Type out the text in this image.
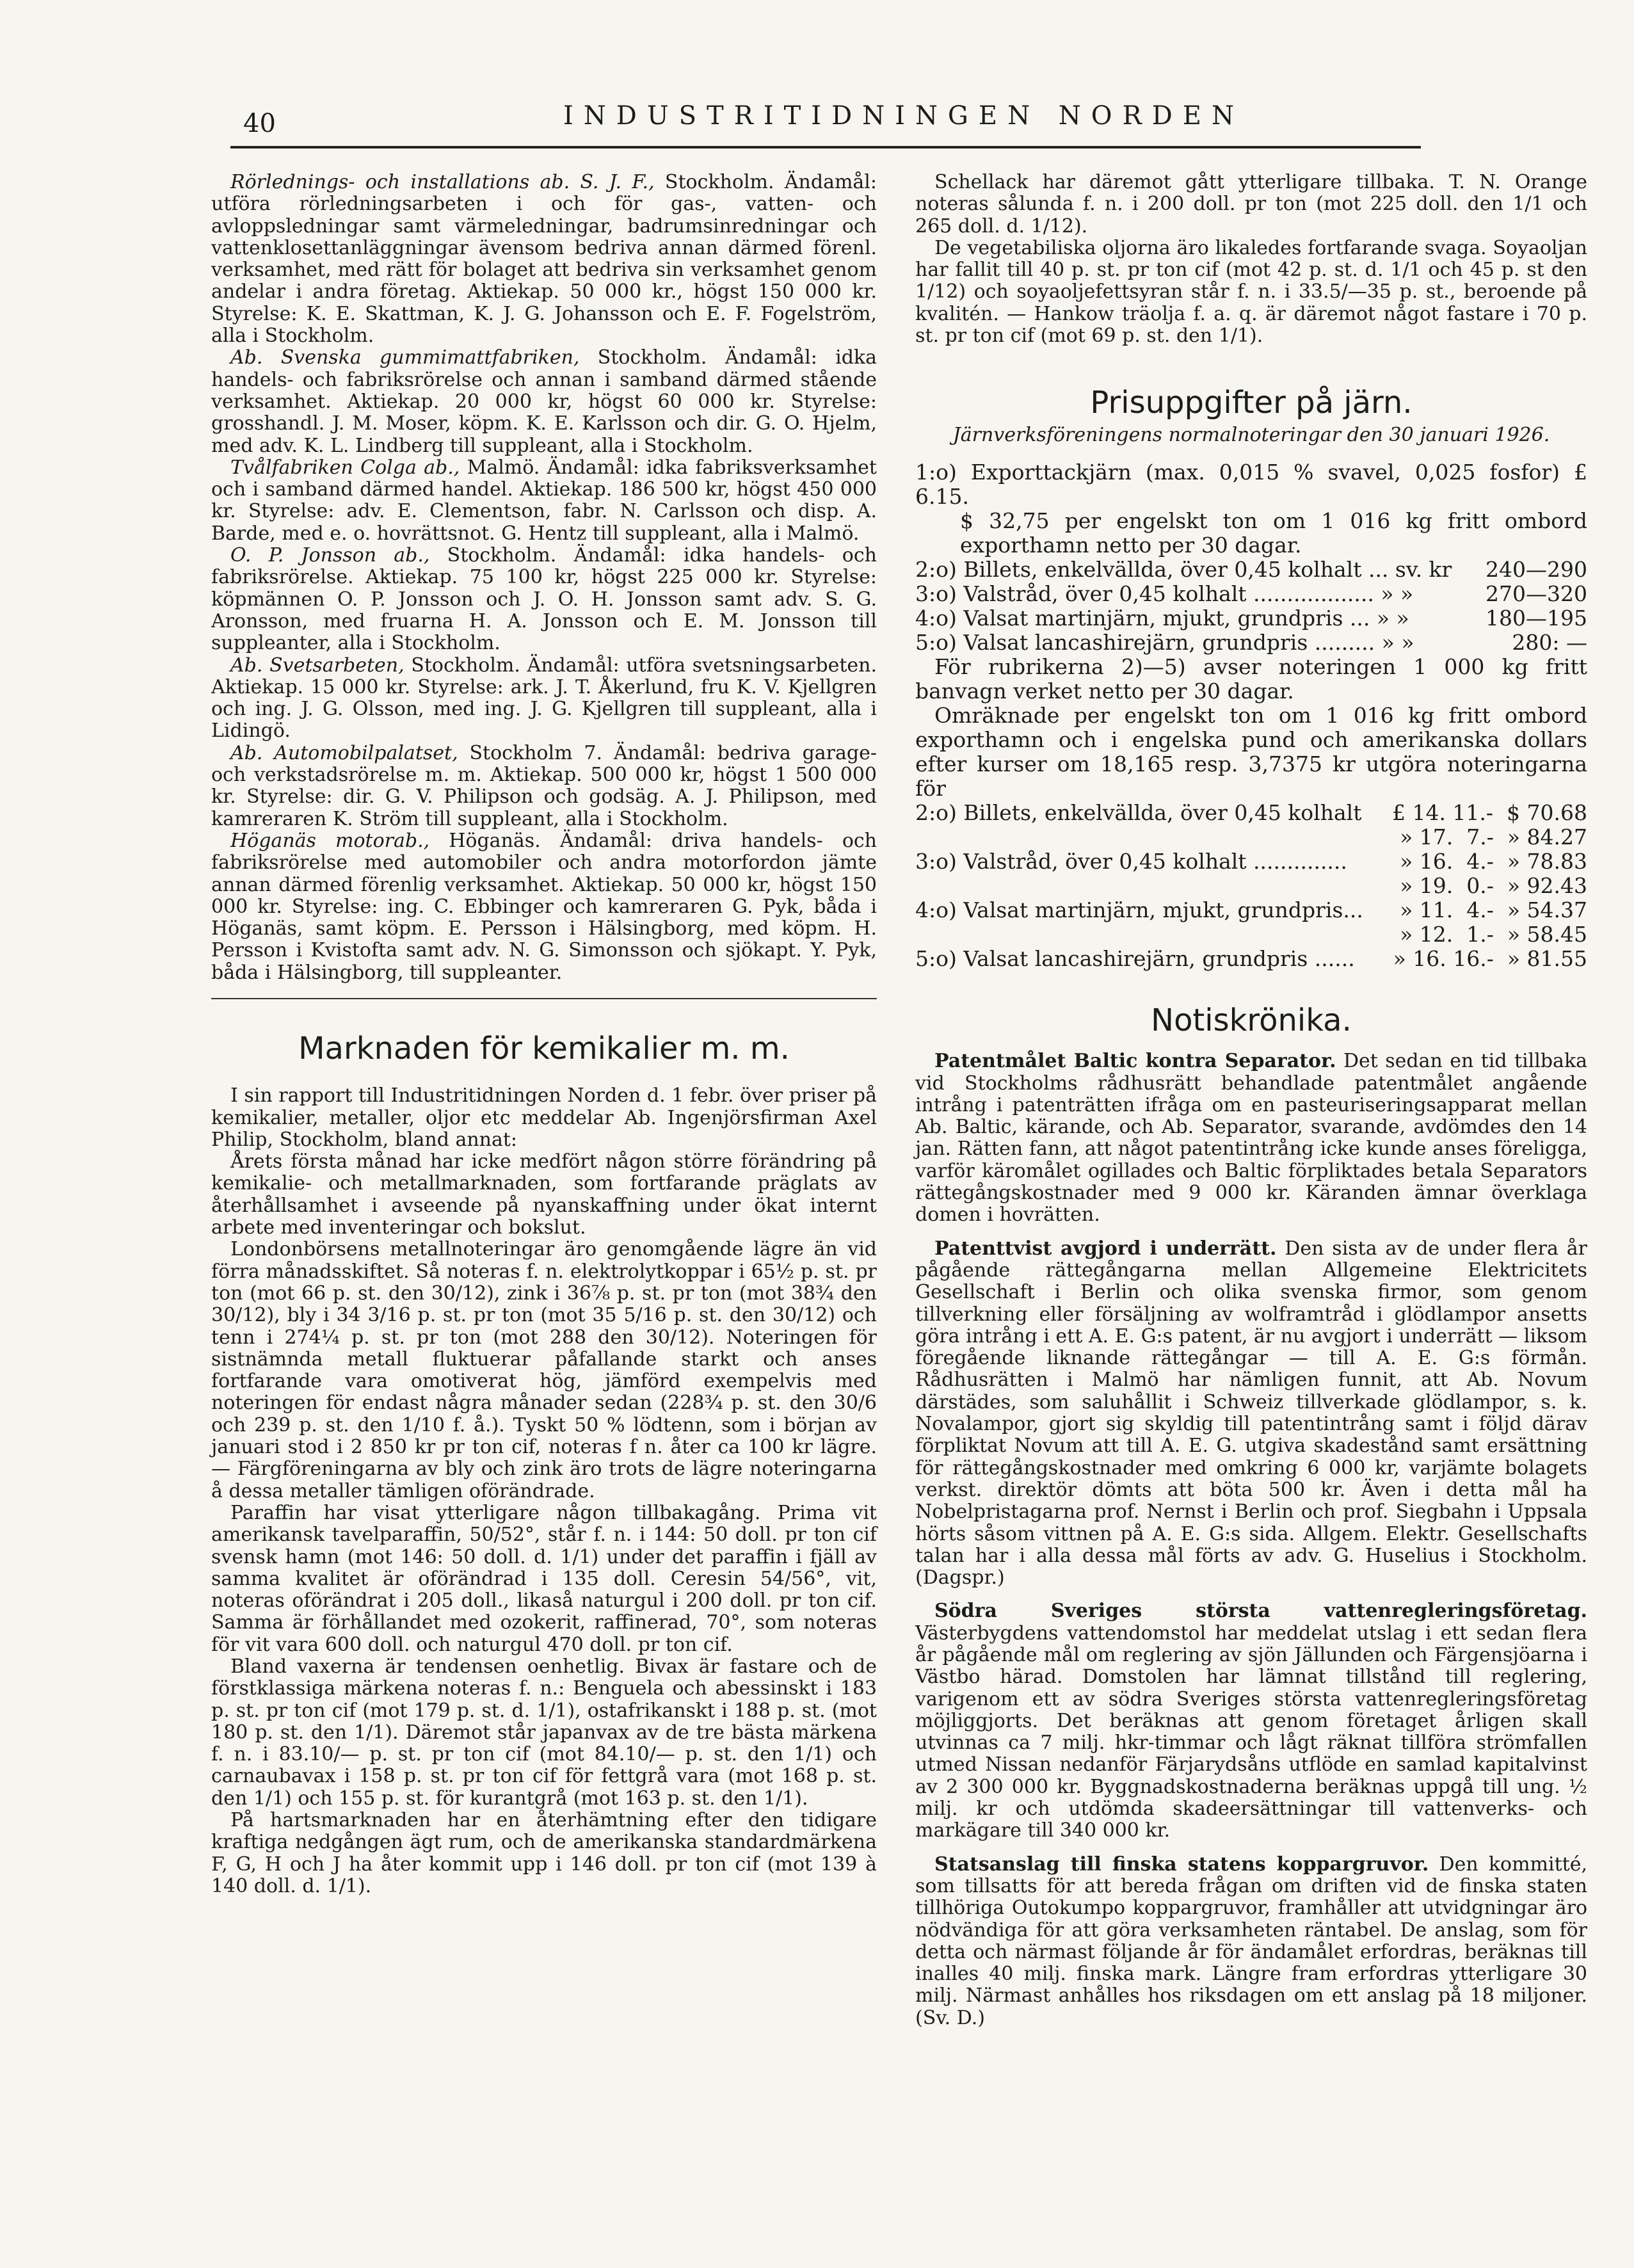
40	INDUSTRITIDNINGEN NORDEN

Rörlednings- och installations ab. S. J. F., Stockholm. Ändamål: utföra rörledningsarbeten i och för gas-, vatten- och avloppsledningar samt värmeledningar, badrumsinredningar och vattenklosettanläggningar ävensom bedriva annan därmed förenl. verksamhet, med rätt för bolaget att bedriva sin verksamhet genom andelar i andra företag. Aktiekap. 50 000 kr., högst 150 000 kr. Styrelse: K. E. Skattman, K. J. G. Johansson och E. F. Fogelström, alla i Stockholm.

Ab. Svenska gummimattfabriken, Stockholm. Ändamål: idka handels- och fabriksrörelse och annan i samband därmed stående verksamhet. Aktiekap. 20 000 kr, högst 60 000 kr. Styrelse: grosshandl. J. M. Moser, köpm. K. E. Karlsson och dir. G. O. Hjelm, med adv. K. L. Lindberg till suppleant, alla i Stockholm.

Tvålfabriken Colga ab., Malmö. Ändamål: idka fabriksverksamhet och i samband därmed handel. Aktiekap. 186 500 kr, högst 450 000 kr. Styrelse: adv. E. Clementson, fabr. N. Carlsson och disp. A. Barde, med e. o. hovrättsnot. G. Hentz till suppleant, alla i Malmö.

O. P. Jonsson ab., Stockholm. Ändamål: idka handels- och fabriksrörelse. Aktiekap. 75 100 kr, högst 225 000 kr. Styrelse: köpmännen O. P. Jonsson och J. O. H. Jonsson samt adv. S. G. Aronsson, med fruarna H. A. Jonsson och E. M. Jonsson till suppleanter, alla i Stockholm.

Ab. Svetsarbeten, Stockholm. Ändamål: utföra svetsningsarbeten. Aktiekap. 15 000 kr. Styrelse: ark. J. T. Åkerlund, fru K. V. Kjellgren och ing. J. G. Olsson, med ing. J. G. Kjellgren till suppleant, alla i Lidingö.

Ab. Automobilpalatset, Stockholm 7. Ändamål: bedriva garage- och verkstadsrörelse m. m. Aktiekap. 500 000 kr, högst 1 500 000 kr. Styrelse: dir. G. V. Philipson och godsäg. A. J. Philipson, med kamreraren K. Ström till suppleant, alla i Stockholm.

Höganäs motorab., Höganäs. Ändamål: driva handels- och fabriksrörelse med automobiler och andra motorfordon jämte annan därmed förenlig verksamhet. Aktiekap. 50 000 kr, högst 150 000 kr. Styrelse: ing. C. Ebbinger och kamreraren G. Pyk, båda i Höganäs, samt köpm. E. Persson i Hälsingborg, med köpm. H. Persson i Kvistofta samt adv. N. G. Simonsson och sjökapt. Y. Pyk, båda i Hälsingborg, till suppleanter.

Marknaden för kemikalier m. m.

I sin rapport till Industritidningen Norden d. 1 febr. över priser på kemikalier, metaller, oljor etc meddelar Ab. Ingenjörsfirman Axel Philip, Stockholm, bland annat:

Årets första månad har icke medfört någon större förändring på kemikalie- och metallmarknaden, som fortfarande präglats av återhållsamhet i avseende på nyanskaffning under ökat internt arbete med inventeringar och bokslut.

Londonbörsens metallnoteringar äro genomgående lägre än vid förra månadsskiftet. Så noteras f. n. elektrolytkoppar i 65½ p. st. pr ton (mot 66 p. st. den 30/12), zink i 36⅞ p. st. pr ton (mot 38¾ den 30/12), bly i 34 3/16 p. st. pr ton (mot 35 5/16 p. st. den 30/12) och tenn i 274¼ p. st. pr ton (mot 288 den 30/12). Noteringen för sistnämnda metall fluktuerar påfallande starkt och anses fortfarande vara omotiverat hög, jämförd exempelvis med noteringen för endast några månader sedan (228¾ p. st. den 30/6 och 239 p. st. den 1/10 f. å.). Tyskt 50 % lödtenn, som i början av januari stod i 2 850 kr pr ton cif, noteras f n. åter ca 100 kr lägre. — Färgföreningarna av bly och zink äro trots de lägre noteringarna å dessa metaller tämligen oförändrade.

Paraffin har visat ytterligare någon tillbakagång. Prima vit amerikansk tavelparaffin, 50/52°, står f. n. i 144: 50 doll. pr ton cif svensk hamn (mot 146: 50 doll. d. 1/1) under det paraffin i fjäll av samma kvalitet är oförändrad i 135 doll. Ceresin 54/56°, vit, noteras oförändrat i 205 doll., likaså naturgul i 200 doll. pr ton cif. Samma är förhållandet med ozokerit, raffinerad, 70°, som noteras för vit vara 600 doll. och naturgul 470 doll. pr ton cif.

Bland vaxerna är tendensen oenhetlig. Bivax är fastare och de förstklassiga märkena noteras f. n.: Benguela och abessinskt i 183 p. st. pr ton cif (mot 179 p. st. d. 1/1), ostafrikanskt i 188 p. st. (mot 180 p. st. den 1/1). Däremot står japanvax av de tre bästa märkena f. n. i 83.10/— p. st. pr ton cif (mot 84.10/— p. st. den 1/1) och carnaubavax i 158 p. st. pr ton cif för fettgrå vara (mot 168 p. st. den 1/1) och 155 p. st. för kurantgrå (mot 163 p. st. den 1/1).

På hartsmarknaden har en återhämtning efter den tidigare kraftiga nedgången ägt rum, och de amerikanska standardmärkena F, G, H och J ha åter kommit upp i 146 doll. pr ton cif (mot 139 à 140 doll. d. 1/1).

Schellack har däremot gått ytterligare tillbaka. T. N. Orange noteras sålunda f. n. i 200 doll. pr ton (mot 225 doll. den 1/1 och 265 doll. d. 1/12).

De vegetabiliska oljorna äro likaledes fortfarande svaga. Soyaoljan har fallit till 40 p. st. pr ton cif (mot 42 p. st. d. 1/1 och 45 p. st den 1/12) och soyaoljefettsyran står f. n. i 33.5/—35 p. st., beroende på kvalitén. — Hankow träolja f. a. q. är däremot något fastare i 70 p. st. pr ton cif (mot 69 p. st. den 1/1).

Prisuppgifter på järn.
Järnverksföreningens normalnoteringar den 30 januari 1926.
1:o) Exporttackjärn (max. 0,015 % svavel, 0,025 fosfor) £ 6.15.
$ 32,75 per engelskt ton om 1 016 kg fritt ombord exporthamn netto per 30 dagar.
2:o) Billets, enkelvällda, över 0,45 kolhalt ... sv. kr	240—290
3:o) Valstråd, över 0,45 kolhalt .................. » »	270—320
4:o) Valsat martinjärn, mjukt, grundpris ... » »	180—195
5:o) Valsat lancashirejärn, grundpris ......... » »	280: —

För rubrikerna 2)—5) avser noteringen 1 000 kg fritt banvagn verket netto per 30 dagar.

Omräknade per engelskt ton om 1 016 kg fritt ombord exporthamn och i engelska pund och amerikanska dollars efter kurser om 18,165 resp. 3,7375 kr utgöra noteringarna för

2:o) Billets, enkelvällda, över 0,45 kolhalt	£ 14. 11.-  $ 70.68
» 17.  7.-  » 84.27
3:o) Valstråd, över 0,45 kolhalt ..............	» 16.  4.-  » 78.83
» 19.  0.-  » 92.43
4:o) Valsat martinjärn, mjukt, grundpris...	» 11.  4.-  » 54.37
» 12.  1.-  » 58.45
5:o) Valsat lancashirejärn, grundpris ......	» 16. 16.-  » 81.55
Notiskrönika.

Patentmålet Baltic kontra Separator. Det sedan en tid tillbaka vid Stockholms rådhusrätt behandlade patentmålet angående intrång i patenträtten ifråga om en pasteuriseringsapparat mellan Ab. Baltic, kärande, och Ab. Separator, svarande, avdömdes den 14 jan. Rätten fann, att något patentintrång icke kunde anses föreligga, varför käromålet ogillades och Baltic förpliktades betala Separators rättegångskostnader med 9 000 kr. Käranden ämnar överklaga domen i hovrätten.

Patenttvist avgjord i underrätt. Den sista av de under flera år pågående rättegångarna mellan Allgemeine Elektricitets Gesellschaft i Berlin och olika svenska firmor, som genom tillverkning eller försäljning av wolframtråd i glödlampor ansetts göra intrång i ett A. E. G:s patent, är nu avgjort i underrätt — liksom föregående liknande rättegångar — till A. E. G:s förmån. Rådhusrätten i Malmö har nämligen funnit, att Ab. Novum därstädes, som saluhållit i Schweiz tillverkade glödlampor, s. k. Novalampor, gjort sig skyldig till patentintrång samt i följd därav förpliktat Novum att till A. E. G. utgiva skadestånd samt ersättning för rättegångskostnader med omkring 6 000 kr, varjämte bolagets verkst. direktör dömts att böta 500 kr. Även i detta mål ha Nobelpristagarna prof. Nernst i Berlin och prof. Siegbahn i Uppsala hörts såsom vittnen på A. E. G:s sida. Allgem. Elektr. Gesellschafts talan har i alla dessa mål förts av adv. G. Huselius i Stockholm. (Dagspr.)

Södra Sveriges största vattenregleringsföretag. Västerbygdens vattendomstol har meddelat utslag i ett sedan flera år pågående mål om reglering av sjön Jällunden och Färgensjöarna i Västbo härad. Domstolen har lämnat tillstånd till reglering, varigenom ett av södra Sveriges största vattenregleringsföretag möjliggjorts. Det beräknas att genom företaget årligen skall utvinnas ca 7 milj. hkr-timmar och lågt räknat tillföra strömfallen utmed Nissan nedanför Färjarydsåns utflöde en samlad kapitalvinst av 2 300 000 kr. Byggnadskostnaderna beräknas uppgå till ung. ½ milj. kr och utdömda skadeersättningar till vattenverks- och markägare till 340 000 kr.

Statsanslag till finska statens koppargruvor. Den kommitté, som tillsatts för att bereda frågan om driften vid de finska staten tillhöriga Outokumpo koppargruvor, framhåller att utvidgningar äro nödvändiga för att göra verksamheten räntabel. De anslag, som för detta och närmast följande år för ändamålet erfordras, beräknas till inalles 40 milj. finska mark. Längre fram erfordras ytterligare 30 milj. Närmast anhålles hos riksdagen om ett anslag på 18 miljoner. (Sv. D.)
